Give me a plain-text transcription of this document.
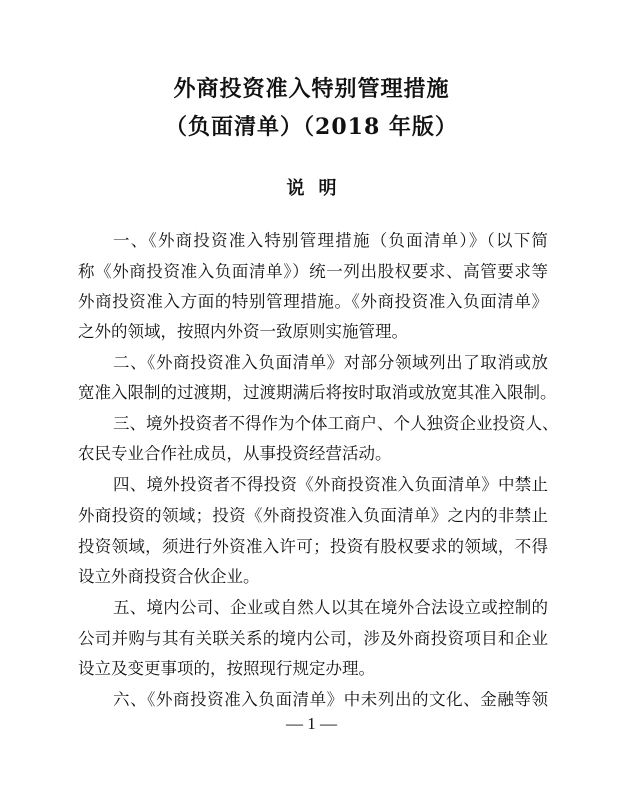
外商投资准入特别管理措施
（负面清单）（2018 年版）
说明
一、《外商投资准入特别管理措施（负面清单）》（以下简
称《外商投资准入负面清单》）统一列出股权要求、高管要求等
外商投资准入方面的特别管理措施。《外商投资准入负面清单》
之外的领域，按照内外资一致原则实施管理。
二、《外商投资准入负面清单》对部分领域列出了取消或放
宽准入限制的过渡期，过渡期满后将按时取消或放宽其准入限制。
三、境外投资者不得作为个体工商户、个人独资企业投资人、
农民专业合作社成员，从事投资经营活动。
四、境外投资者不得投资《外商投资准入负面清单》中禁止
外商投资的领域；投资《外商投资准入负面清单》之内的非禁止
投资领域，须进行外资准入许可；投资有股权要求的领域，不得
设立外商投资合伙企业。
五、境内公司、企业或自然人以其在境外合法设立或控制的
公司并购与其有关联关系的境内公司，涉及外商投资项目和企业
设立及变更事项的，按照现行规定办理。
六、《外商投资准入负面清单》中未列出的文化、金融等领
— 1 —
